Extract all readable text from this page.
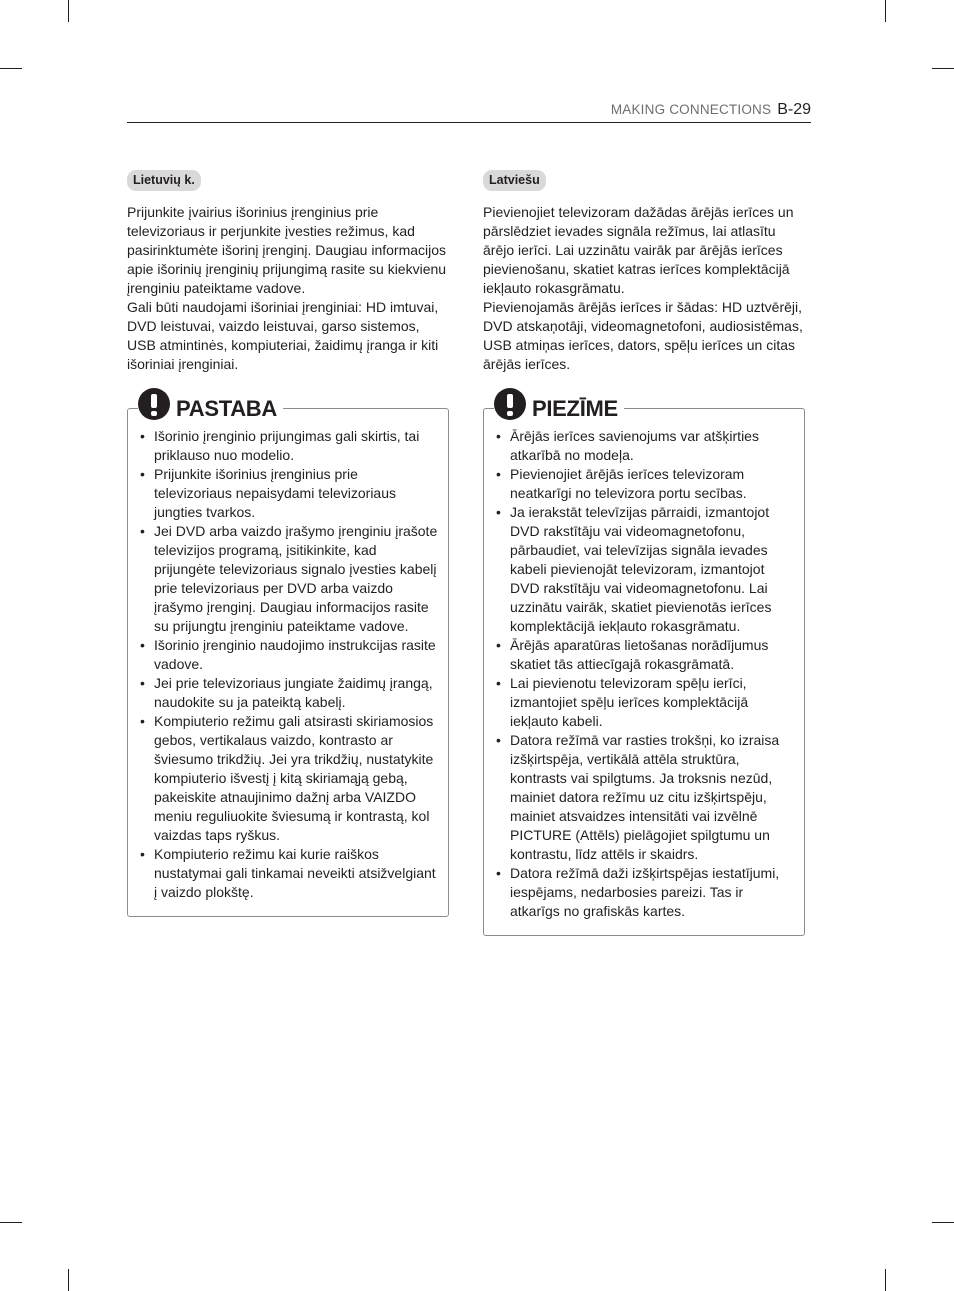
MAKING CONNECTIONS B-29
Lietuvių k.

Prijunkite įvairius išorinius įrenginius prie televizoriaus ir perjunkite įvesties režimus, kad pasirinktumėte išorinį įrenginį. Daugiau informacijos apie išorinių įrenginių prijungimą rasite su kiekvienu įrenginiu pateiktame vadove.

Gali būti naudojami išoriniai įrenginiai: HD imtuvai, DVD leistuvai, vaizdo leistuvai, garso sistemos, USB atmintinės, kompiuteriai, žaidimų įranga ir kiti išoriniai įrenginiai.

PASTABA
• Išorinio įrenginio prijungimas gali skirtis, tai priklauso nuo modelio.
• Prijunkite išorinius įrenginius prie televizoriaus nepaisydami televizoriaus jungties tvarkos.
• Jei DVD arba vaizdo įrašymo įrenginiu įrašote televizijos programą, įsitikinkite, kad prijungėte televizoriaus signalo įvesties kabelį prie televizoriaus per DVD arba vaizdo įrašymo įrenginį. Daugiau informacijos rasite su prijungtu įrenginiu pateiktame vadove.
• Išorinio įrenginio naudojimo instrukcijas rasite vadove.
• Jei prie televizoriaus jungiate žaidimų įrangą, naudokite su ja pateiktą kabelį.
• Kompiuterio režimu gali atsirasti skiriamosios gebos, vertikalaus vaizdo, kontrasto ar šviesumo trikdžių. Jei yra trikdžių, nustatykite kompiuterio išvestį į kitą skiriamąją gebą, pakeiskite atnaujinimo dažnį arba VAIZDO meniu reguliuokite šviesumą ir kontrastą, kol vaizdas taps ryškus.
• Kompiuterio režimu kai kurie raiškos nustatymai gali tinkamai neveikti atsižvelgiant į vaizdo plokštę.
Latviešu

Pievienojiet televizoram dažādas ārējās ierīces un pārslēdziet ievades signāla režīmus, lai atlasītu ārējo ierīci. Lai uzzinātu vairāk par ārējās ierīces pievienošanu, skatiet katras ierīces komplektācijā iekļauto rokasgrāmatu.

Pievienojamās ārējās ierīces ir šādas: HD uztvērēji, DVD atskaņotāji, videomagnetofoni, audiosistēmas, USB atmiņas ierīces, dators, spēļu ierīces un citas ārējās ierīces.

PIEZĪME
• Ārējās ierīces savienojums var atšķirties atkarībā no modeļa.
• Pievienojiet ārējās ierīces televizoram neatkarīgi no televizora portu secības.
• Ja ierakstāt televīzijas pārraidi, izmantojot DVD rakstītāju vai videomagnetofonu, pārbaudiet, vai televīzijas signāla ievades kabeli pievienojāt televizoram, izmantojot DVD rakstītāju vai videomagnetofonu. Lai uzzinātu vairāk, skatiet pievienotās ierīces komplektācijā iekļauto rokasgrāmatu.
• Ārējās aparatūras lietošanas norādījumus skatiet tās attiecīgajā rokasgrāmatā.
• Lai pievienotu televizoram spēļu ierīci, izmantojiet spēļu ierīces komplektācijā iekļauto kabeli.
• Datora režīmā var rasties trokšņi, ko izraisa izšķirtspēja, vertikālā attēla struktūra, kontrasts vai spilgtums. Ja troksnis nezūd, mainiet datora režīmu uz citu izšķirtspēju, mainiet atsvaidzes intensitāti vai izvēlnē PICTURE (Attēls) pielāgojiet spilgtumu un kontrastu, līdz attēls ir skaidrs.
• Datora režīmā daži izšķirtspējas iestatījumi, iespējams, nedarbosies pareizi. Tas ir atkarīgs no grafiskās kartes.
